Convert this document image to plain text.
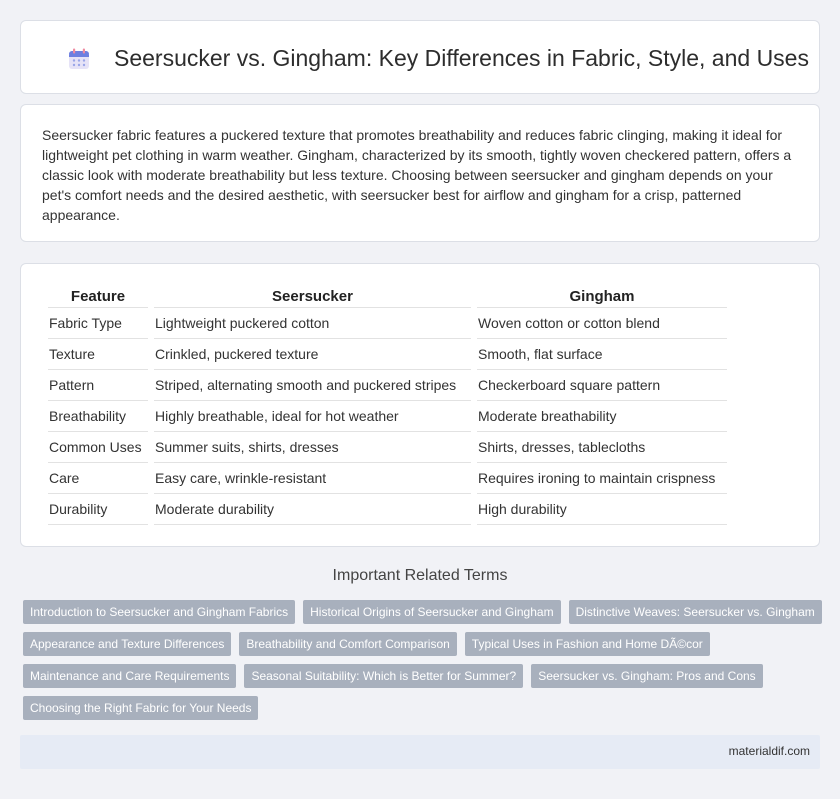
Seersucker vs. Gingham: Key Differences in Fabric, Style, and Uses

Seersucker fabric features a puckered texture that promotes breathability and reduces fabric clinging, making it ideal for lightweight pet clothing in warm weather. Gingham, characterized by its smooth, tightly woven checkered pattern, offers a classic look with moderate breathability but less texture. Choosing between seersucker and gingham depends on your pet's comfort needs and the desired aesthetic, with seersucker best for airflow and gingham for a crisp, patterned appearance.

Feature	Seersucker	Gingham
Fabric Type	Lightweight puckered cotton	Woven cotton or cotton blend
Texture	Crinkled, puckered texture	Smooth, flat surface
Pattern	Striped, alternating smooth and puckered stripes	Checkerboard square pattern
Breathability	Highly breathable, ideal for hot weather	Moderate breathability
Common Uses	Summer suits, shirts, dresses	Shirts, dresses, tablecloths
Care	Easy care, wrinkle-resistant	Requires ironing to maintain crispness
Durability	Moderate durability	High durability
Important Related Terms
Introduction to Seersucker and Gingham Fabrics	Historical Origins of Seersucker and Gingham	Distinctive Weaves: Seersucker vs. Gingham
Appearance and Texture Differences	Breathability and Comfort Comparison	Typical Uses in Fashion and Home DÃ©cor
Maintenance and Care Requirements	Seasonal Suitability: Which is Better for Summer?	Seersucker vs. Gingham: Pros and Cons
Choosing the Right Fabric for Your Needs
materialdif.com
